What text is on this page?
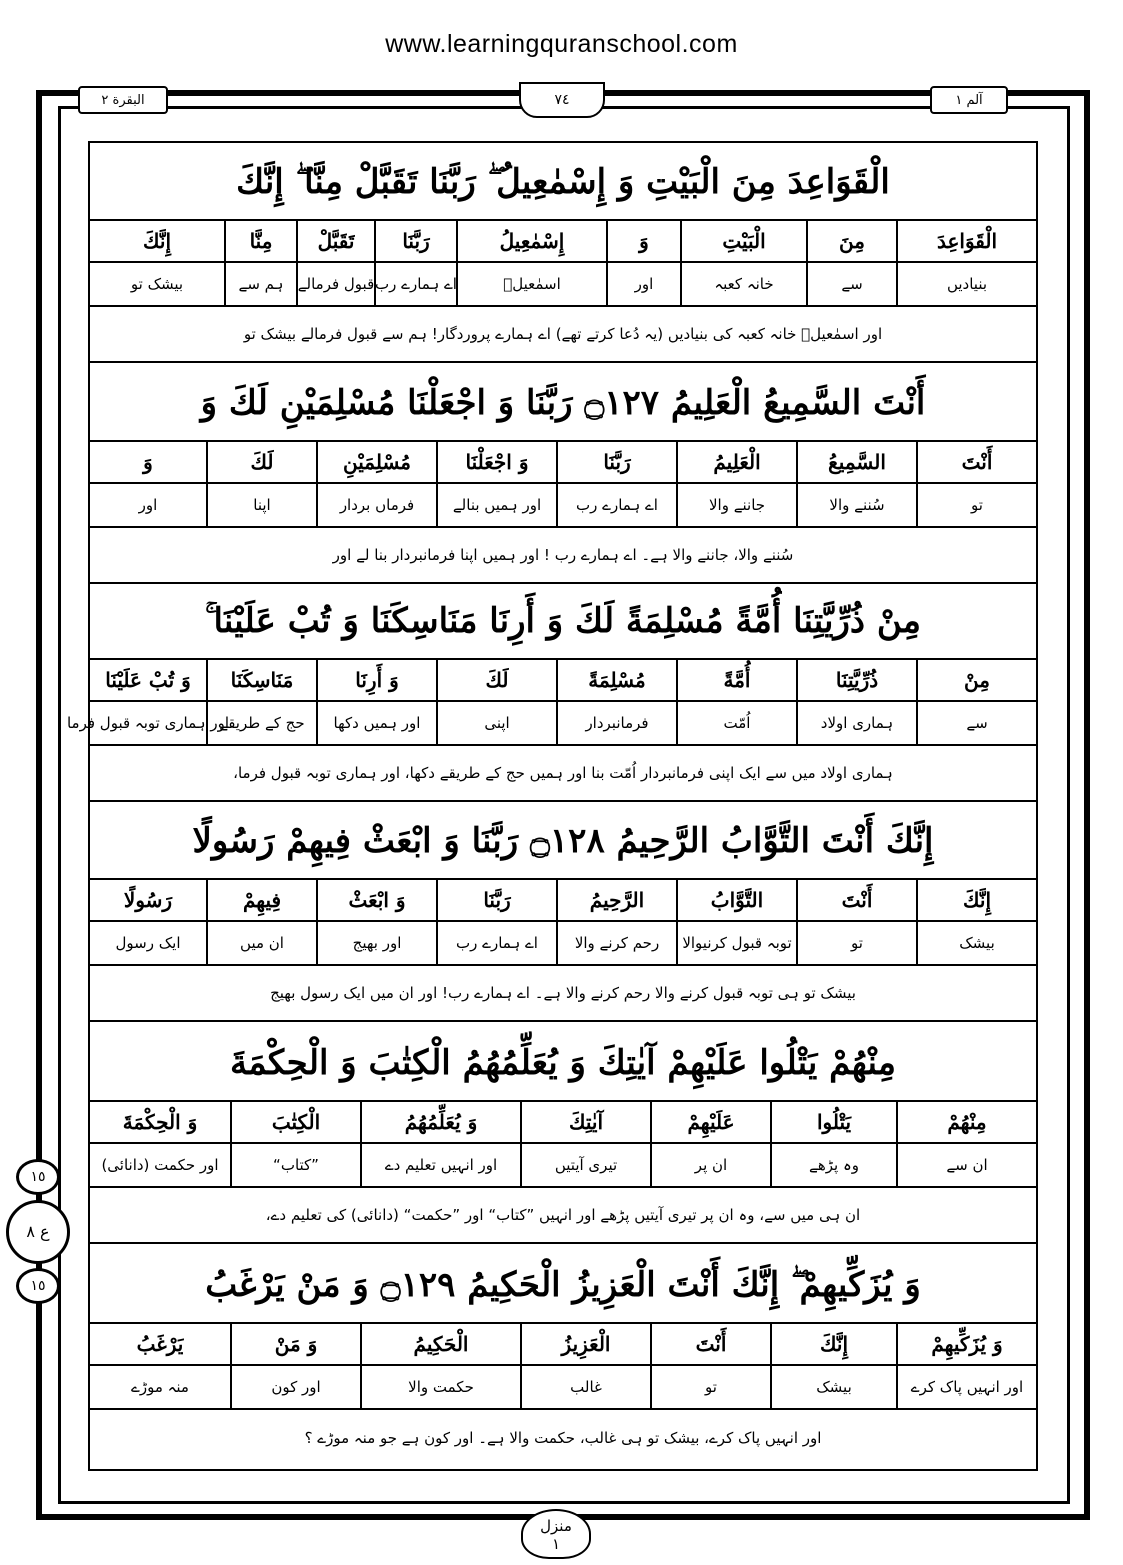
www.learningquranschool.com
البقرة ٢	٧٤	آلم ١
١٥
ع ٨
١٥
الْقَوَاعِدَ مِنَ الْبَيْتِ وَ إِسْمٰعِيلُ ۖ رَبَّنَا تَقَبَّلْ مِنَّا ۖ إِنَّكَ
الْقَوَاعِدَ
مِنَ
الْبَيْتِ
وَ
إِسْمٰعِيلُ
رَبَّنَا
تَقَبَّلْ
مِنَّا
إِنَّكَ
بنیادیں
سے
خانہ کعبہ
اور
اسمٰعیلؑ
اے ہمارے رب
قبول فرمالے
ہم سے
بیشک تو
اور اسمٰعیلؑ خانہ کعبہ کی بنیادیں (یہ دُعا کرتے تھے) اے ہمارے پروردگار! ہم سے قبول فرمالے بیشک تو
أَنْتَ السَّمِيعُ الْعَلِيمُ ۝١٢٧ رَبَّنَا وَ اجْعَلْنَا مُسْلِمَيْنِ لَكَ وَ
أَنْتَ
السَّمِيعُ
الْعَلِيمُ
رَبَّنَا
وَ اجْعَلْنَا
مُسْلِمَيْنِ
لَكَ
وَ
تو
سُننے والا
جاننے والا
اے ہمارے رب
اور ہمیں بنالے
فرماں بردار
اپنا
اور
سُننے والا، جاننے والا ہے۔ اے ہمارے رب ! اور ہمیں اپنا فرمانبردار بنا لے اور
مِنْ ذُرِّيَّتِنَا أُمَّةً مُسْلِمَةً لَكَ وَ أَرِنَا مَنَاسِكَنَا وَ تُبْ عَلَيْنَا ۚ
مِنْ
ذُرِّيَّتِنَا
أُمَّةً
مُسْلِمَةً
لَكَ
وَ أَرِنَا
مَنَاسِكَنَا
وَ تُبْ عَلَيْنَا
سے
ہماری اولاد
اُمّت
فرمانبردار
اپنی
اور ہمیں دکھا
حج کے طریقے
اور ہماری توبہ قبول فرما
ہماری اولاد میں سے ایک اپنی فرمانبردار اُمّت بنا اور ہمیں حج کے طریقے دکھا، اور ہماری توبہ قبول فرما،
إِنَّكَ أَنْتَ التَّوَّابُ الرَّحِيمُ ۝١٢٨ رَبَّنَا وَ ابْعَثْ فِيهِمْ رَسُولًا
إِنَّكَ
أَنْتَ
التَّوَّابُ
الرَّحِيمُ
رَبَّنَا
وَ ابْعَثْ
فِيهِمْ
رَسُولًا
بیشک
تو
توبہ قبول کرنیوالا
رحم کرنے والا
اے ہمارے رب
اور بھیج
ان میں
ایک رسول
بیشک تو ہی توبہ قبول کرنے والا رحم کرنے والا ہے۔ اے ہمارے رب! اور ان میں ایک رسول بھیج
مِنْهُمْ يَتْلُوا عَلَيْهِمْ آيٰتِكَ وَ يُعَلِّمُهُمُ الْكِتٰبَ وَ الْحِكْمَةَ
مِنْهُمْ
يَتْلُوا
عَلَيْهِمْ
آيٰتِكَ
وَ يُعَلِّمُهُمُ
الْكِتٰبَ
وَ الْحِكْمَةَ
ان سے
وہ پڑھے
ان پر
تیری آیتیں
اور انہیں تعلیم دے
”کتاب“
اور حکمت (دانائی)
ان ہی میں سے، وہ ان پر تیری آیتیں پڑھے اور انہیں ”کتاب“ اور ”حکمت“ (دانائی) کی تعلیم دے،
وَ يُزَكِّيهِمْ ۖ إِنَّكَ أَنْتَ الْعَزِيزُ الْحَكِيمُ ۝١٢٩ وَ مَنْ يَرْغَبُ
وَ يُزَكِّيهِمْ
إِنَّكَ
أَنْتَ
الْعَزِيزُ
الْحَكِيمُ
وَ مَنْ
يَرْغَبُ
اور انہیں پاک کرے
بیشک
تو
غالب
حکمت والا
اور کون
منہ موڑے
اور انہیں پاک کرے، بیشک تو ہی غالب، حکمت والا ہے۔ اور کون ہے جو منہ موڑے ؟
منزل
١
